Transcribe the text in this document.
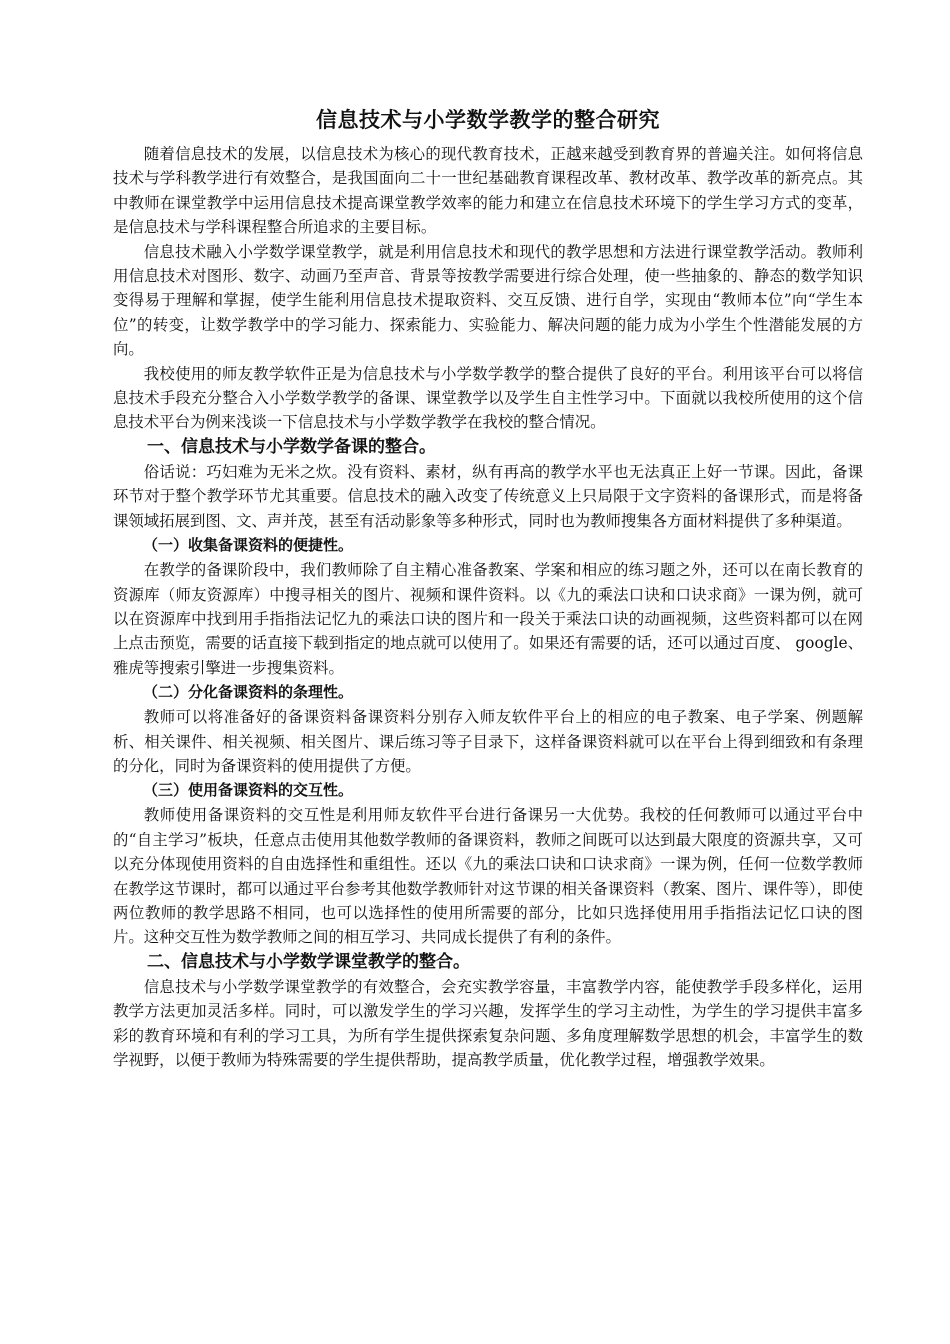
信息技术与小学数学教学的整合研究

随着信息技术的发展，以信息技术为核心的现代教育技术，正越来越受到教育界的普遍关注。如何将信息技术与学科教学进行有效整合，是我国面向二十一世纪基础教育课程改革、教材改革、教学改革的新亮点。其中教师在课堂教学中运用信息技术提高课堂教学效率的能力和建立在信息技术环境下的学生学习方式的变革，是信息技术与学科课程整合所追求的主要目标。

信息技术融入小学数学课堂教学，就是利用信息技术和现代的教学思想和方法进行课堂教学活动。教师利用信息技术对图形、数字、动画乃至声音、背景等按教学需要进行综合处理，使一些抽象的、静态的数学知识变得易于理解和掌握，使学生能利用信息技术提取资料、交互反馈、进行自学，实现由“教师本位”向“学生本位”的转变，让数学教学中的学习能力、探索能力、实验能力、解决问题的能力成为小学生个性潜能发展的方向。

我校使用的师友教学软件正是为信息技术与小学数学教学的整合提供了良好的平台。利用该平台可以将信息技术手段充分整合入小学数学教学的备课、课堂教学以及学生自主性学习中。下面就以我校所使用的这个信息技术平台为例来浅谈一下信息技术与小学数学教学在我校的整合情况。

一、信息技术与小学数学备课的整合。

俗话说：巧妇难为无米之炊。没有资料、素材，纵有再高的教学水平也无法真正上好一节课。因此，备课环节对于整个教学环节尤其重要。信息技术的融入改变了传统意义上只局限于文字资料的备课形式，而是将备课领域拓展到图、文、声并茂，甚至有活动影象等多种形式，同时也为教师搜集各方面材料提供了多种渠道。

（一）收集备课资料的便捷性。

在教学的备课阶段中，我们教师除了自主精心准备教案、学案和相应的练习题之外，还可以在南长教育的资源库（师友资源库）中搜寻相关的图片、视频和课件资料。以《九的乘法口诀和口诀求商》一课为例，就可以在资源库中找到用手指指法记忆九的乘法口诀的图片和一段关于乘法口诀的动画视频，这些资料都可以在网上点击预览，需要的话直接下载到指定的地点就可以使用了。如果还有需要的话，还可以通过百度、 google、雅虎等搜索引擎进一步搜集资料。

（二）分化备课资料的条理性。

教师可以将准备好的备课资料备课资料分别存入师友软件平台上的相应的电子教案、电子学案、例题解析、相关课件、相关视频、相关图片、课后练习等子目录下，这样备课资料就可以在平台上得到细致和有条理的分化，同时为备课资料的使用提供了方便。

（三）使用备课资料的交互性。

教师使用备课资料的交互性是利用师友软件平台进行备课另一大优势。我校的任何教师可以通过平台中的“自主学习”板块，任意点击使用其他数学教师的备课资料，教师之间既可以达到最大限度的资源共享，又可以充分体现使用资料的自由选择性和重组性。还以《九的乘法口诀和口诀求商》一课为例，任何一位数学教师在教学这节课时，都可以通过平台参考其他数学教师针对这节课的相关备课资料（教案、图片、课件等），即使两位教师的教学思路不相同，也可以选择性的使用所需要的部分，比如只选择使用用手指指法记忆口诀的图片。这种交互性为数学教师之间的相互学习、共同成长提供了有利的条件。

二、信息技术与小学数学课堂教学的整合。

信息技术与小学数学课堂教学的有效整合，会充实教学容量，丰富教学内容，能使教学手段多样化，运用教学方法更加灵活多样。同时，可以激发学生的学习兴趣，发挥学生的学习主动性，为学生的学习提供丰富多彩的教育环境和有利的学习工具，为所有学生提供探索复杂问题、多角度理解数学思想的机会，丰富学生的数学视野，以便于教师为特殊需要的学生提供帮助，提高教学质量，优化教学过程，增强教学效果。
